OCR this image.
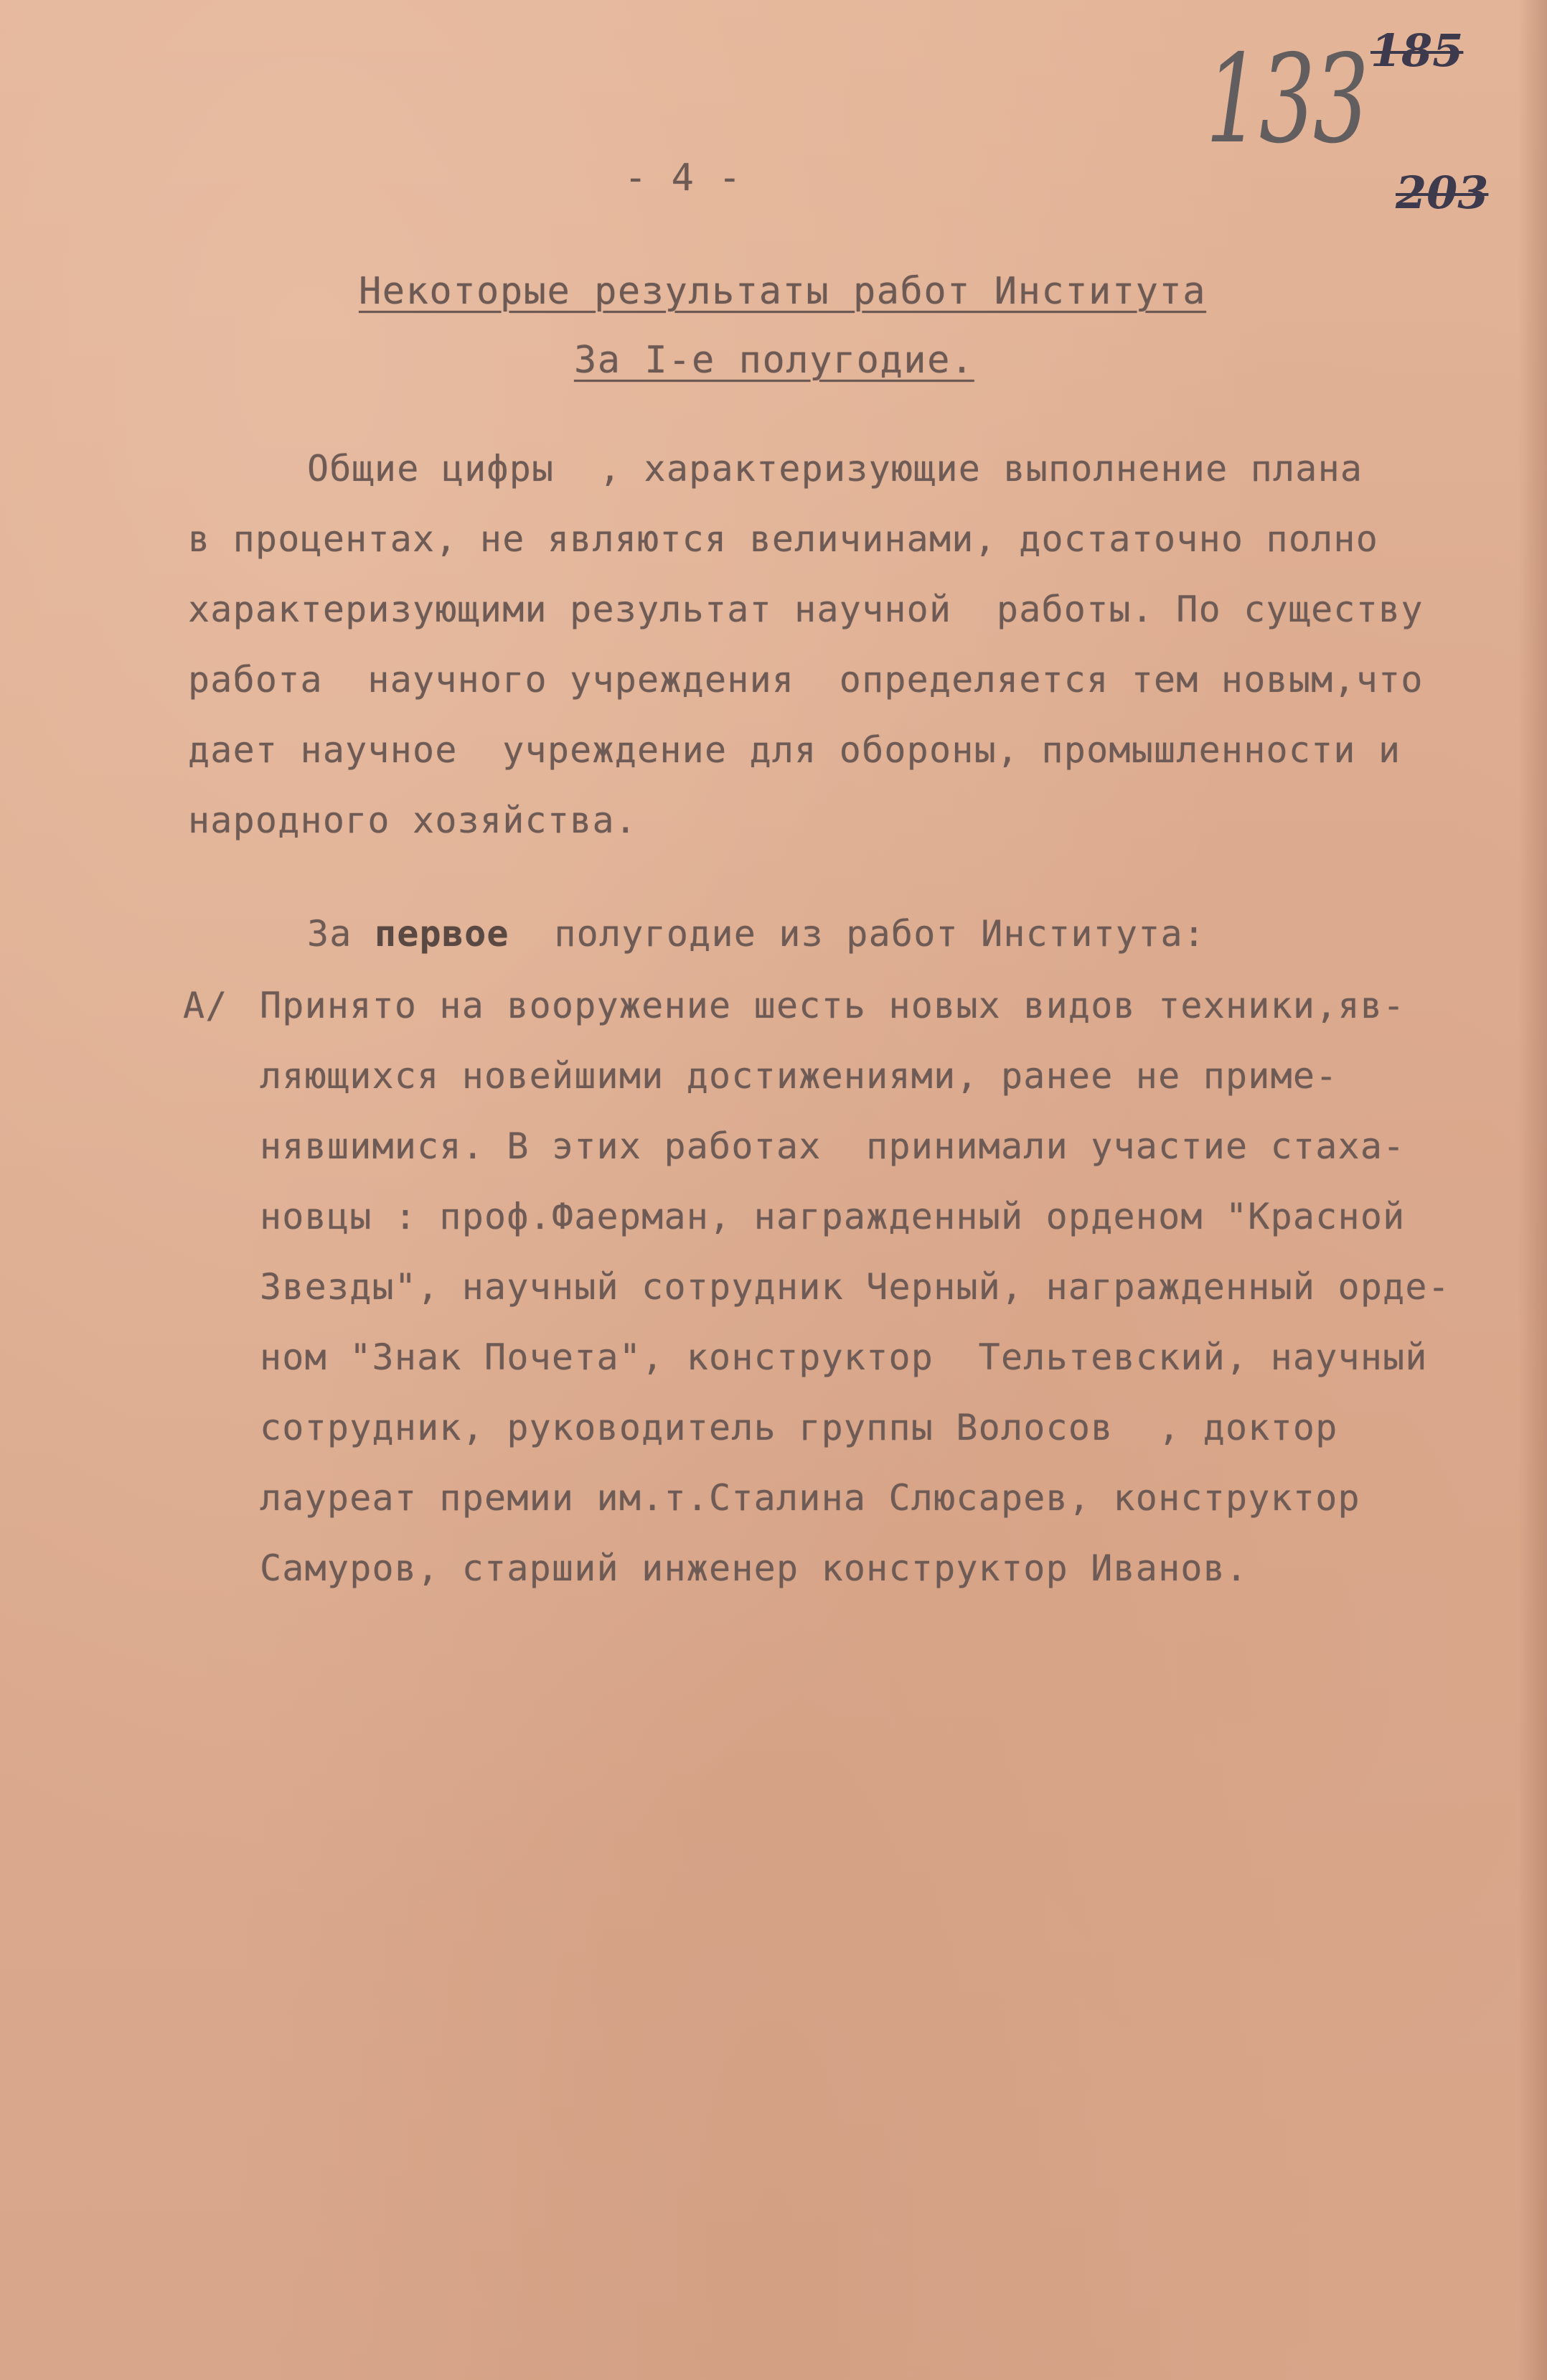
133 185
203
- 4 -
Некоторые результаты работ Института
За I-е полугодие.
Общие цифры  , характеризующие выполнение плана
в процентах, не являются величинами, достаточно полно
характеризующими результат научной  работы. По существу
работа  научного учреждения  определяется тем новым,что
дает научное  учреждение для обороны, промышленности и
народного хозяйства.
За первое  полугодие из работ Института:
А/ Принято на вооружение шесть новых видов техники,яв-
ляющихся новейшими достижениями, ранее не приме-
нявшимися. В этих работах  принимали участие стаха-
новцы : проф.Фаерман, награжденный орденом "Красной
Звезды", научный сотрудник Черный, награжденный орде-
ном "Знак Почета", конструктор  Тельтевский, научный
сотрудник, руководитель группы Волосов  , доктор
лауреат премии им.т.Сталина Слюсарев, конструктор
Самуров, старший инженер конструктор Иванов.
